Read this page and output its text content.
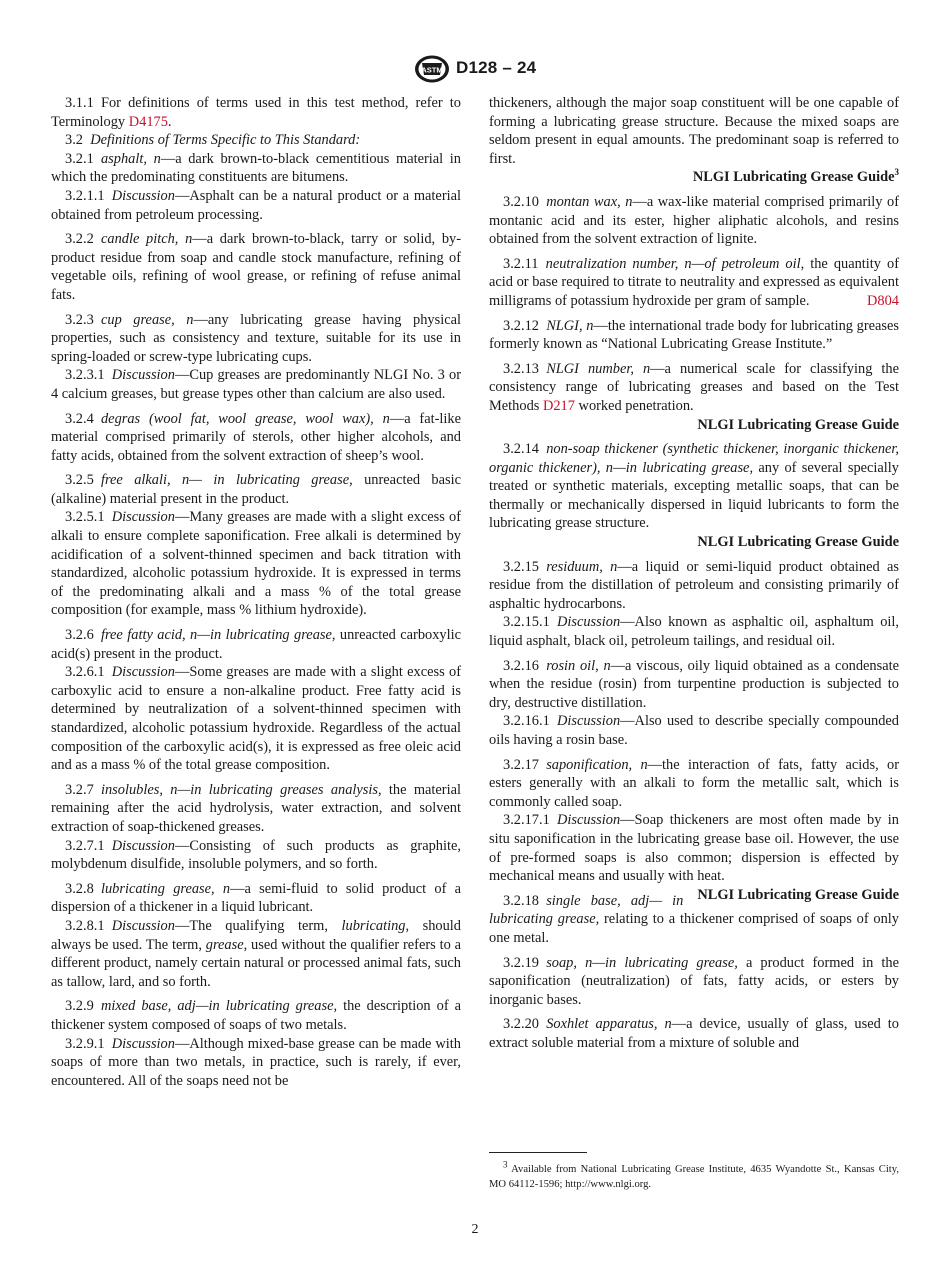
ASTM D128 – 24

3.1.1  For definitions of terms used in this test method, refer to Terminology D4175.

3.2  Definitions of Terms Specific to This Standard:

3.2.1  asphalt, n—a dark brown-to-black cementitious material in which the predominating constituents are bitumens.

3.2.1.1  Discussion—Asphalt can be a natural product or a material obtained from petroleum processing.

3.2.2  candle pitch, n—a dark brown-to-black, tarry or solid, by-product residue from soap and candle stock manufacture, refining of vegetable oils, refining of wool grease, or refining of refuse animal fats.

3.2.3  cup grease, n—any lubricating grease having physical properties, such as consistency and texture, suitable for its use in spring-loaded or screw-type lubricating cups.

3.2.3.1  Discussion—Cup greases are predominantly NLGI No. 3 or 4 calcium greases, but grease types other than calcium are also used.

3.2.4  degras (wool fat, wool grease, wool wax), n—a fat-like material comprised primarily of sterols, other higher alcohols, and fatty acids, obtained from the solvent extraction of sheep’s wool.

3.2.5  free alkali, n— in lubricating grease, unreacted basic (alkaline) material present in the product.

3.2.5.1  Discussion—Many greases are made with a slight excess of alkali to ensure complete saponification. Free alkali is determined by acidification of a solvent-thinned specimen and back titration with standardized, alcoholic potassium hydroxide. It is expressed in terms of the predominating alkali and a mass % of the total grease composition (for example, mass % lithium hydroxide).

3.2.6  free fatty acid, n—in lubricating grease, unreacted carboxylic acid(s) present in the product.

3.2.6.1  Discussion—Some greases are made with a slight excess of carboxylic acid to ensure a non-alkaline product. Free fatty acid is determined by neutralization of a solvent-thinned specimen with standardized, alcoholic potassium hydroxide. Regardless of the actual composition of the carboxylic acid(s), it is expressed as free oleic acid and as a mass % of the total grease composition.

3.2.7  insolubles, n—in lubricating greases analysis, the material remaining after the acid hydrolysis, water extraction, and solvent extraction of soap-thickened greases.

3.2.7.1  Discussion—Consisting of such products as graphite, molybdenum disulfide, insoluble polymers, and so forth.

3.2.8  lubricating grease, n—a semi-fluid to solid product of a dispersion of a thickener in a liquid lubricant.

3.2.8.1  Discussion—The qualifying term, lubricating, should always be used. The term, grease, used without the qualifier refers to a different product, namely certain natural or processed animal fats, such as tallow, lard, and so forth.

3.2.9  mixed base, adj—in lubricating grease, the description of a thickener system composed of soaps of two metals.

3.2.9.1  Discussion—Although mixed-base grease can be made with soaps of more than two metals, in practice, such is rarely, if ever, encountered. All of the soaps need not be

thickeners, although the major soap constituent will be one capable of forming a lubricating grease structure. Because the mixed soaps are seldom present in equal amounts. The predominant soap is referred to first.

NLGI Lubricating Grease Guide$^3$

3.2.10  montan wax, n—a wax-like material comprised primarily of montanic acid and its ester, higher aliphatic alcohols, and resins obtained from the solvent extraction of lignite.

3.2.11  neutralization number, n—of petroleum oil, the quantity of acid or base required to titrate to neutrality and expressed as equivalent milligrams of potassium hydroxide per gram of sample.	D804

3.2.12  NLGI, n—the international trade body for lubricating greases formerly known as “National Lubricating Grease Institute.”

3.2.13  NLGI number, n—a numerical scale for classifying the consistency range of lubricating greases and based on the Test Methods D217 worked penetration.

NLGI Lubricating Grease Guide

3.2.14  non-soap thickener (synthetic thickener, inorganic thickener, organic thickener), n—in lubricating grease, any of several specially treated or synthetic materials, excepting metallic soaps, that can be thermally or mechanically dispersed in liquid lubricants to form the lubricating grease structure.

NLGI Lubricating Grease Guide

3.2.15  residuum, n—a liquid or semi-liquid product obtained as residue from the distillation of petroleum and consisting primarily of asphaltic hydrocarbons.

3.2.15.1  Discussion—Also known as asphaltic oil, asphaltum oil, liquid asphalt, black oil, petroleum tailings, and residual oil.

3.2.16  rosin oil, n—a viscous, oily liquid obtained as a condensate when the residue (rosin) from turpentine production is subjected to dry, destructive distillation.

3.2.16.1  Discussion—Also used to describe specially compounded oils having a rosin base.

3.2.17  saponification, n—the interaction of fats, fatty acids, or esters generally with an alkali to form the metallic salt, which is commonly called soap.

3.2.17.1  Discussion—Soap thickeners are most often made by in situ saponification in the lubricating grease base oil. However, the use of pre-formed soaps is also common; dispersion is effected by mechanical means and usually with heat.
NLGI Lubricating Grease Guide

3.2.18  single base, adj— in lubricating grease, relating to a thickener comprised of soaps of only one metal.

3.2.19  soap, n—in lubricating grease, a product formed in the saponification (neutralization) of fats, fatty acids, or esters by inorganic bases.

3.2.20  Soxhlet apparatus, n—a device, usually of glass, used to extract soluble material from a mixture of soluble and

$^3$ Available from National Lubricating Grease Institute, 4635 Wyandotte St., Kansas City, MO 64112-1596; http://www.nlgi.org.
2
